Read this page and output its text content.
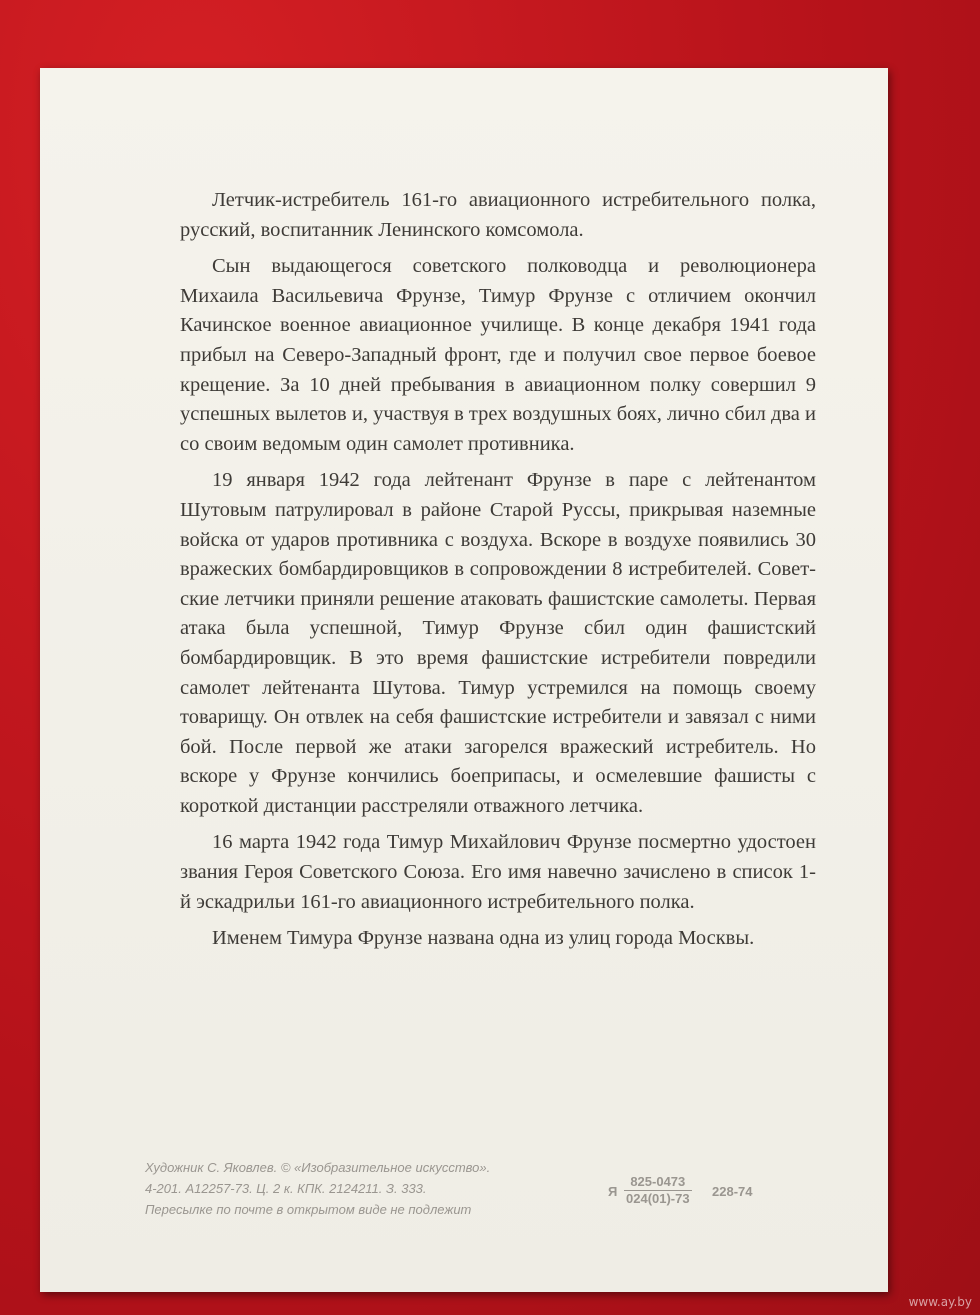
Летчик-истребитель 161-го авиационного истребительного полка, русский, воспитанник Ленинского комсомола.

Сын выдающегося советского полководца и революционера Михаила Васильевича Фрунзе, Тимур Фрунзе с отличием окончил Качинское военное авиационное училище. В конце декабря 1941 года прибыл на Северо-Западный фронт, где и получил свое первое боевое крещение. За 10 дней пребывания в авиационном полку совершил 9 успешных вылетов и, участвуя в трех воздушных боях, лично сбил два и со своим ведомым один самолет противника.

19 января 1942 года лейтенант Фрунзе в паре с лейтенантом Шутовым патрулировал в районе Старой Руссы, прикрывая наземные войска от ударов противника с воздуха. Вскоре в воздухе появились 30 вражеских бомбардировщиков в сопровождении 8 истребителей. Советские летчики приняли решение атаковать фашистские самолеты. Первая атака была успешной, Тимур Фрунзе сбил один фашистский бомбардировщик. В это время фашистские истребители повредили самолет лейтенанта Шутова. Тимур устремился на помощь своему товарищу. Он отвлек на себя фашистские истребители и завязал с ними бой. После первой же атаки загорелся вражеский истребитель. Но вскоре у Фрунзе кончились боеприпасы, и осмелевшие фашисты с короткой дистанции расстреляли отважного летчика.

16 марта 1942 года Тимур Михайлович Фрунзе посмертно удостоен звания Героя Советского Союза. Его имя навечно зачислено в список 1-й эскадрильи 161-го авиационного истребительного полка.

Именем Тимура Фрунзе названа одна из улиц города Москвы.

Художник С. Яковлев. © «Изобразительное искусство».
4-201. А12257-73. Ц. 2 к. КПК. 2124211. З. 333.
Пересылке по почте в открытом виде не подлежит
Я $\frac{825-0473}{024(01)-73} 228-74$
www.ay.by
